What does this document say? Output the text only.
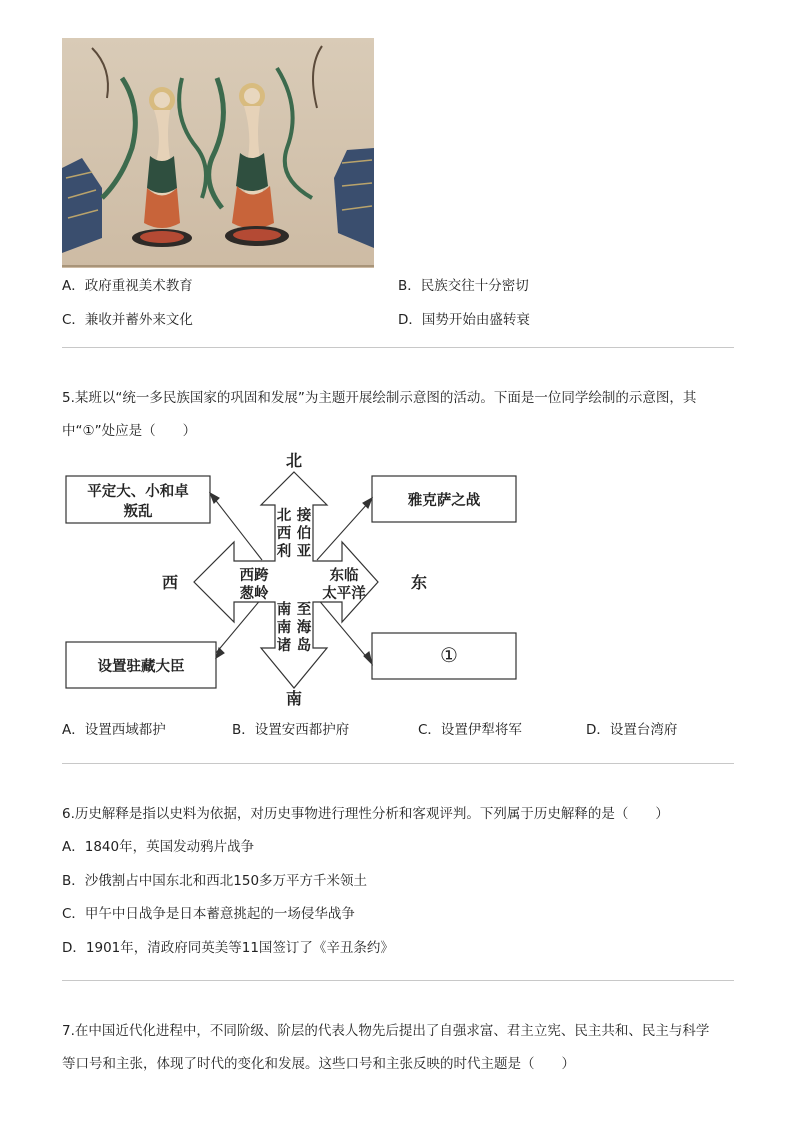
A．政府重视美术教育	B．民族交往十分密切
C．兼收并蓄外来文化	D．国势开始由盛转衰
5.某班以“统一多民族国家的巩固和发展”为主题开展绘制示意图的活动。下面是一位同学绘制的示意图，其
中“①”处应是（　　）
北
南
西	东
平定大、小和卓
叛乱
雅克萨之战
设置驻藏大臣	①
北西利
接伯亚
西跨
葱岭
东临
太平洋
南南诸
至海岛
A．设置西域都护	B．设置安西都护府	C．设置伊犁将军	D．设置台湾府
6.历史解释是指以史料为依据，对历史事物进行理性分析和客观评判。下列属于历史解释的是（　　）
A．1840年，英国发动鸦片战争
B．沙俄割占中国东北和西北150多万平方千米领土
C．甲午中日战争是日本蓄意挑起的一场侵华战争
D．1901年，清政府同英美等11国签订了《辛丑条约》
7.在中国近代化进程中，不同阶级、阶层的代表人物先后提出了自强求富、君主立宪、民主共和、民主与科学
等口号和主张，体现了时代的变化和发展。这些口号和主张反映的时代主题是（　　）
